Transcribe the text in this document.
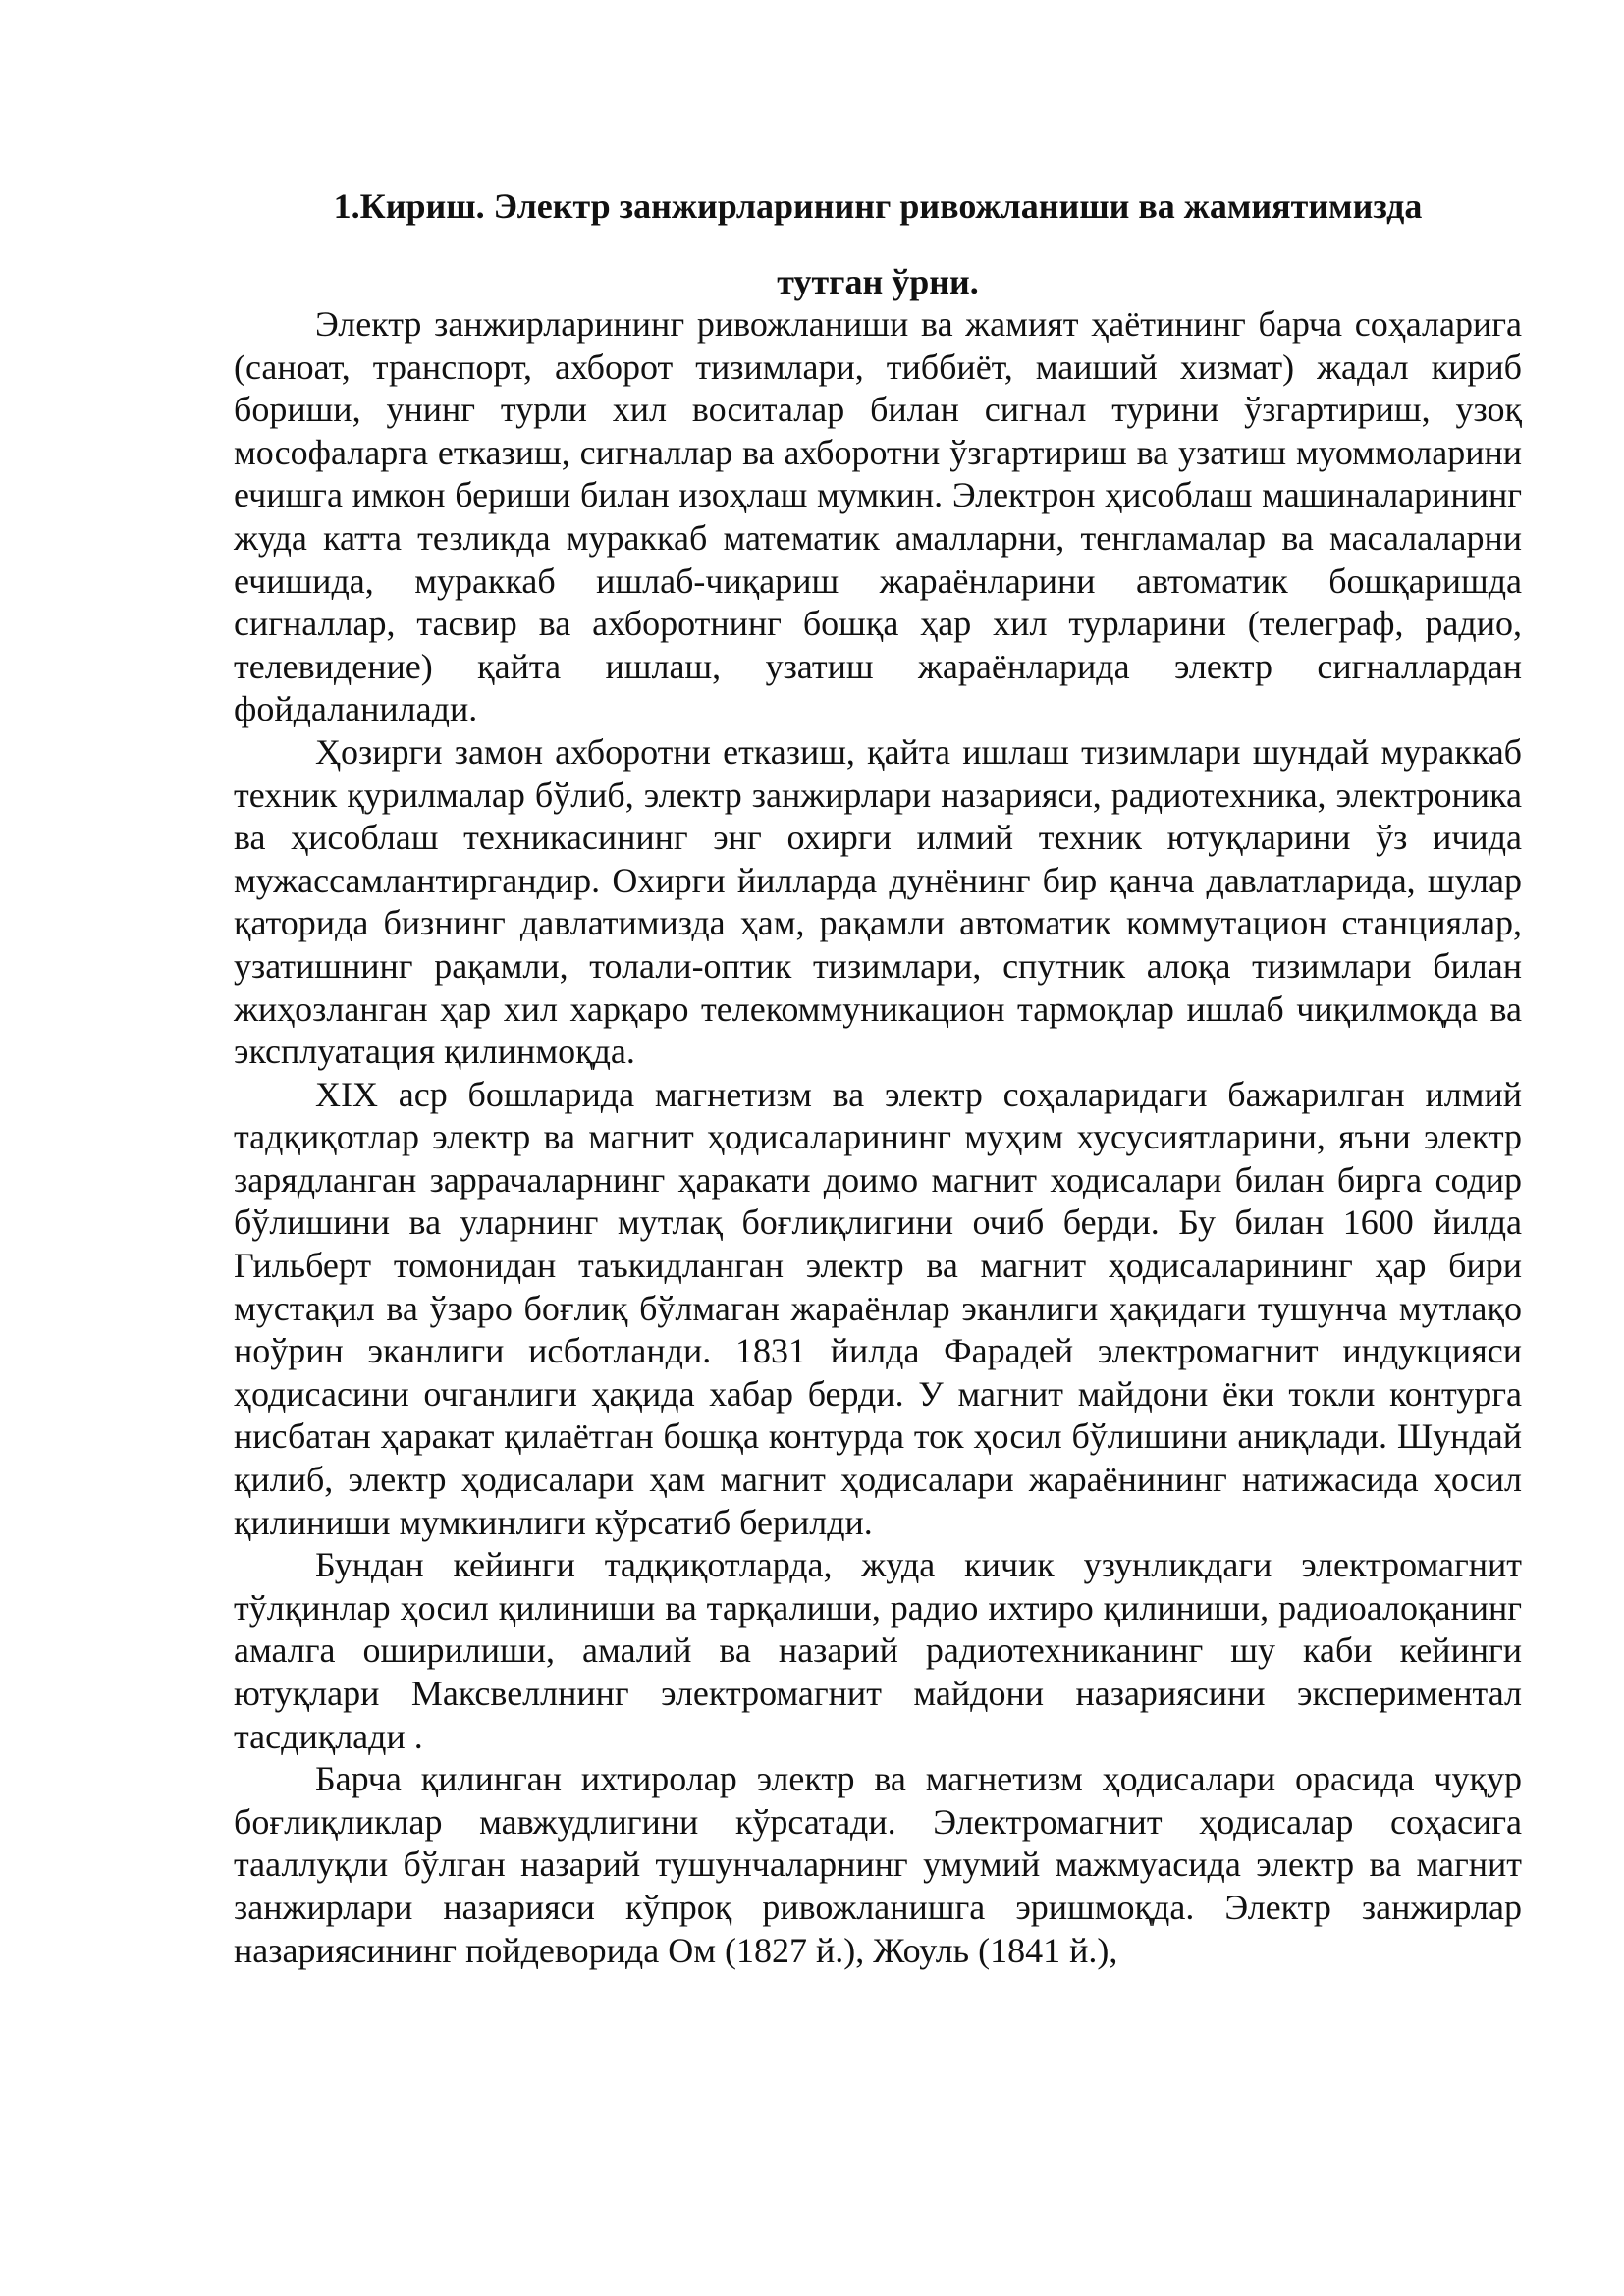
1.Кириш. Электр занжирларининг ривожланиши ва жамиятимизда
тутган ўрни.

Электр занжирларининг ривожланиши ва жамият ҳаётининг барча соҳаларига (саноат, транспорт, ахборот тизимлари, тиббиёт, маиший хизмат) жадал кириб бориши, унинг турли хил воситалар билан сигнал турини ўзгартириш, узоқ мософаларга етказиш, сигналлар ва ахборотни ўзгартириш ва узатиш муоммоларини ечишга имкон бериши билан изоҳлаш мумкин. Электрон ҳисоблаш машиналарининг жуда катта тезликда мураккаб математик амалларни, тенгламалар ва масалаларни ечишида, мураккаб ишлаб-чиқариш жараёнларини автоматик бошқаришда сигналлар, тасвир ва ахборотнинг бошқа ҳар хил турларини (телеграф, радио, телевидение) қайта ишлаш, узатиш жараёнларида электр сигналлардан фойдаланилади.

Ҳозирги замон ахборотни етказиш, қайта ишлаш тизимлари шундай мураккаб техник қурилмалар бўлиб, электр занжирлари назарияси, радиотехника, электроника ва ҳисоблаш техникасининг энг охирги илмий техник ютуқларини ўз ичида мужассамлантиргандир. Охирги йилларда дунёнинг бир қанча давлатларида, шулар қаторида бизнинг давлатимизда ҳам, рақамли автоматик коммутацион станциялар, узатишнинг рақамли, толали-оптик тизимлари, спутник алоқа тизимлари билан жиҳозланган ҳар хил харқаро телекоммуникацион тармоқлар ишлаб чиқилмоқда ва эксплуатация қилинмоқда.

XIX аср бошларида магнетизм ва электр соҳаларидаги бажарилган илмий тадқиқотлар электр ва магнит ҳодисаларининг муҳим хусусиятларини, яъни электр зарядланган заррачаларнинг ҳаракати доимо магнит ходисалари билан бирга содир бўлишини ва уларнинг мутлақ боғлиқлигини очиб берди. Бу билан 1600 йилда Гильберт томонидан таъкидланган электр ва магнит ҳодисаларининг ҳар бири мустақил ва ўзаро боғлиқ бўлмаган жараёнлар эканлиги ҳақидаги тушунча мутлақо ноўрин эканлиги исботланди. 1831 йилда Фарадей электромагнит индукцияси ҳодисасини очганлиги ҳақида хабар берди. У магнит майдони ёки токли контурга нисбатан ҳаракат қилаётган бошқа контурда ток ҳосил бўлишини аниқлади. Шундай қилиб, электр ҳодисалари ҳам магнит ҳодисалари жараёнининг натижасида ҳосил қилиниши мумкинлиги кўрсатиб берилди.

Бундан кейинги тадқиқотларда, жуда кичик узунликдаги электромагнит тўлқинлар ҳосил қилиниши ва тарқалиши, радио ихтиро қилиниши, радиоалоқанинг амалга оширилиши, амалий ва назарий радиотехниканинг шу каби кейинги ютуқлари Максвеллнинг электромагнит майдони назариясини экспериментал тасдиқлади .

Барча қилинган ихтиролар электр ва магнетизм ҳодисалари орасида чуқур боғлиқликлар мавжудлигини кўрсатади. Электромагнит ҳодисалар соҳасига тааллуқли бўлган назарий тушунчаларнинг умумий мажмуасида электр ва магнит занжирлари назарияси кўпроқ ривожланишга эришмоқда. Электр занжирлар назариясининг пойдеворида Ом (1827 й.), Жоуль (1841 й.),
